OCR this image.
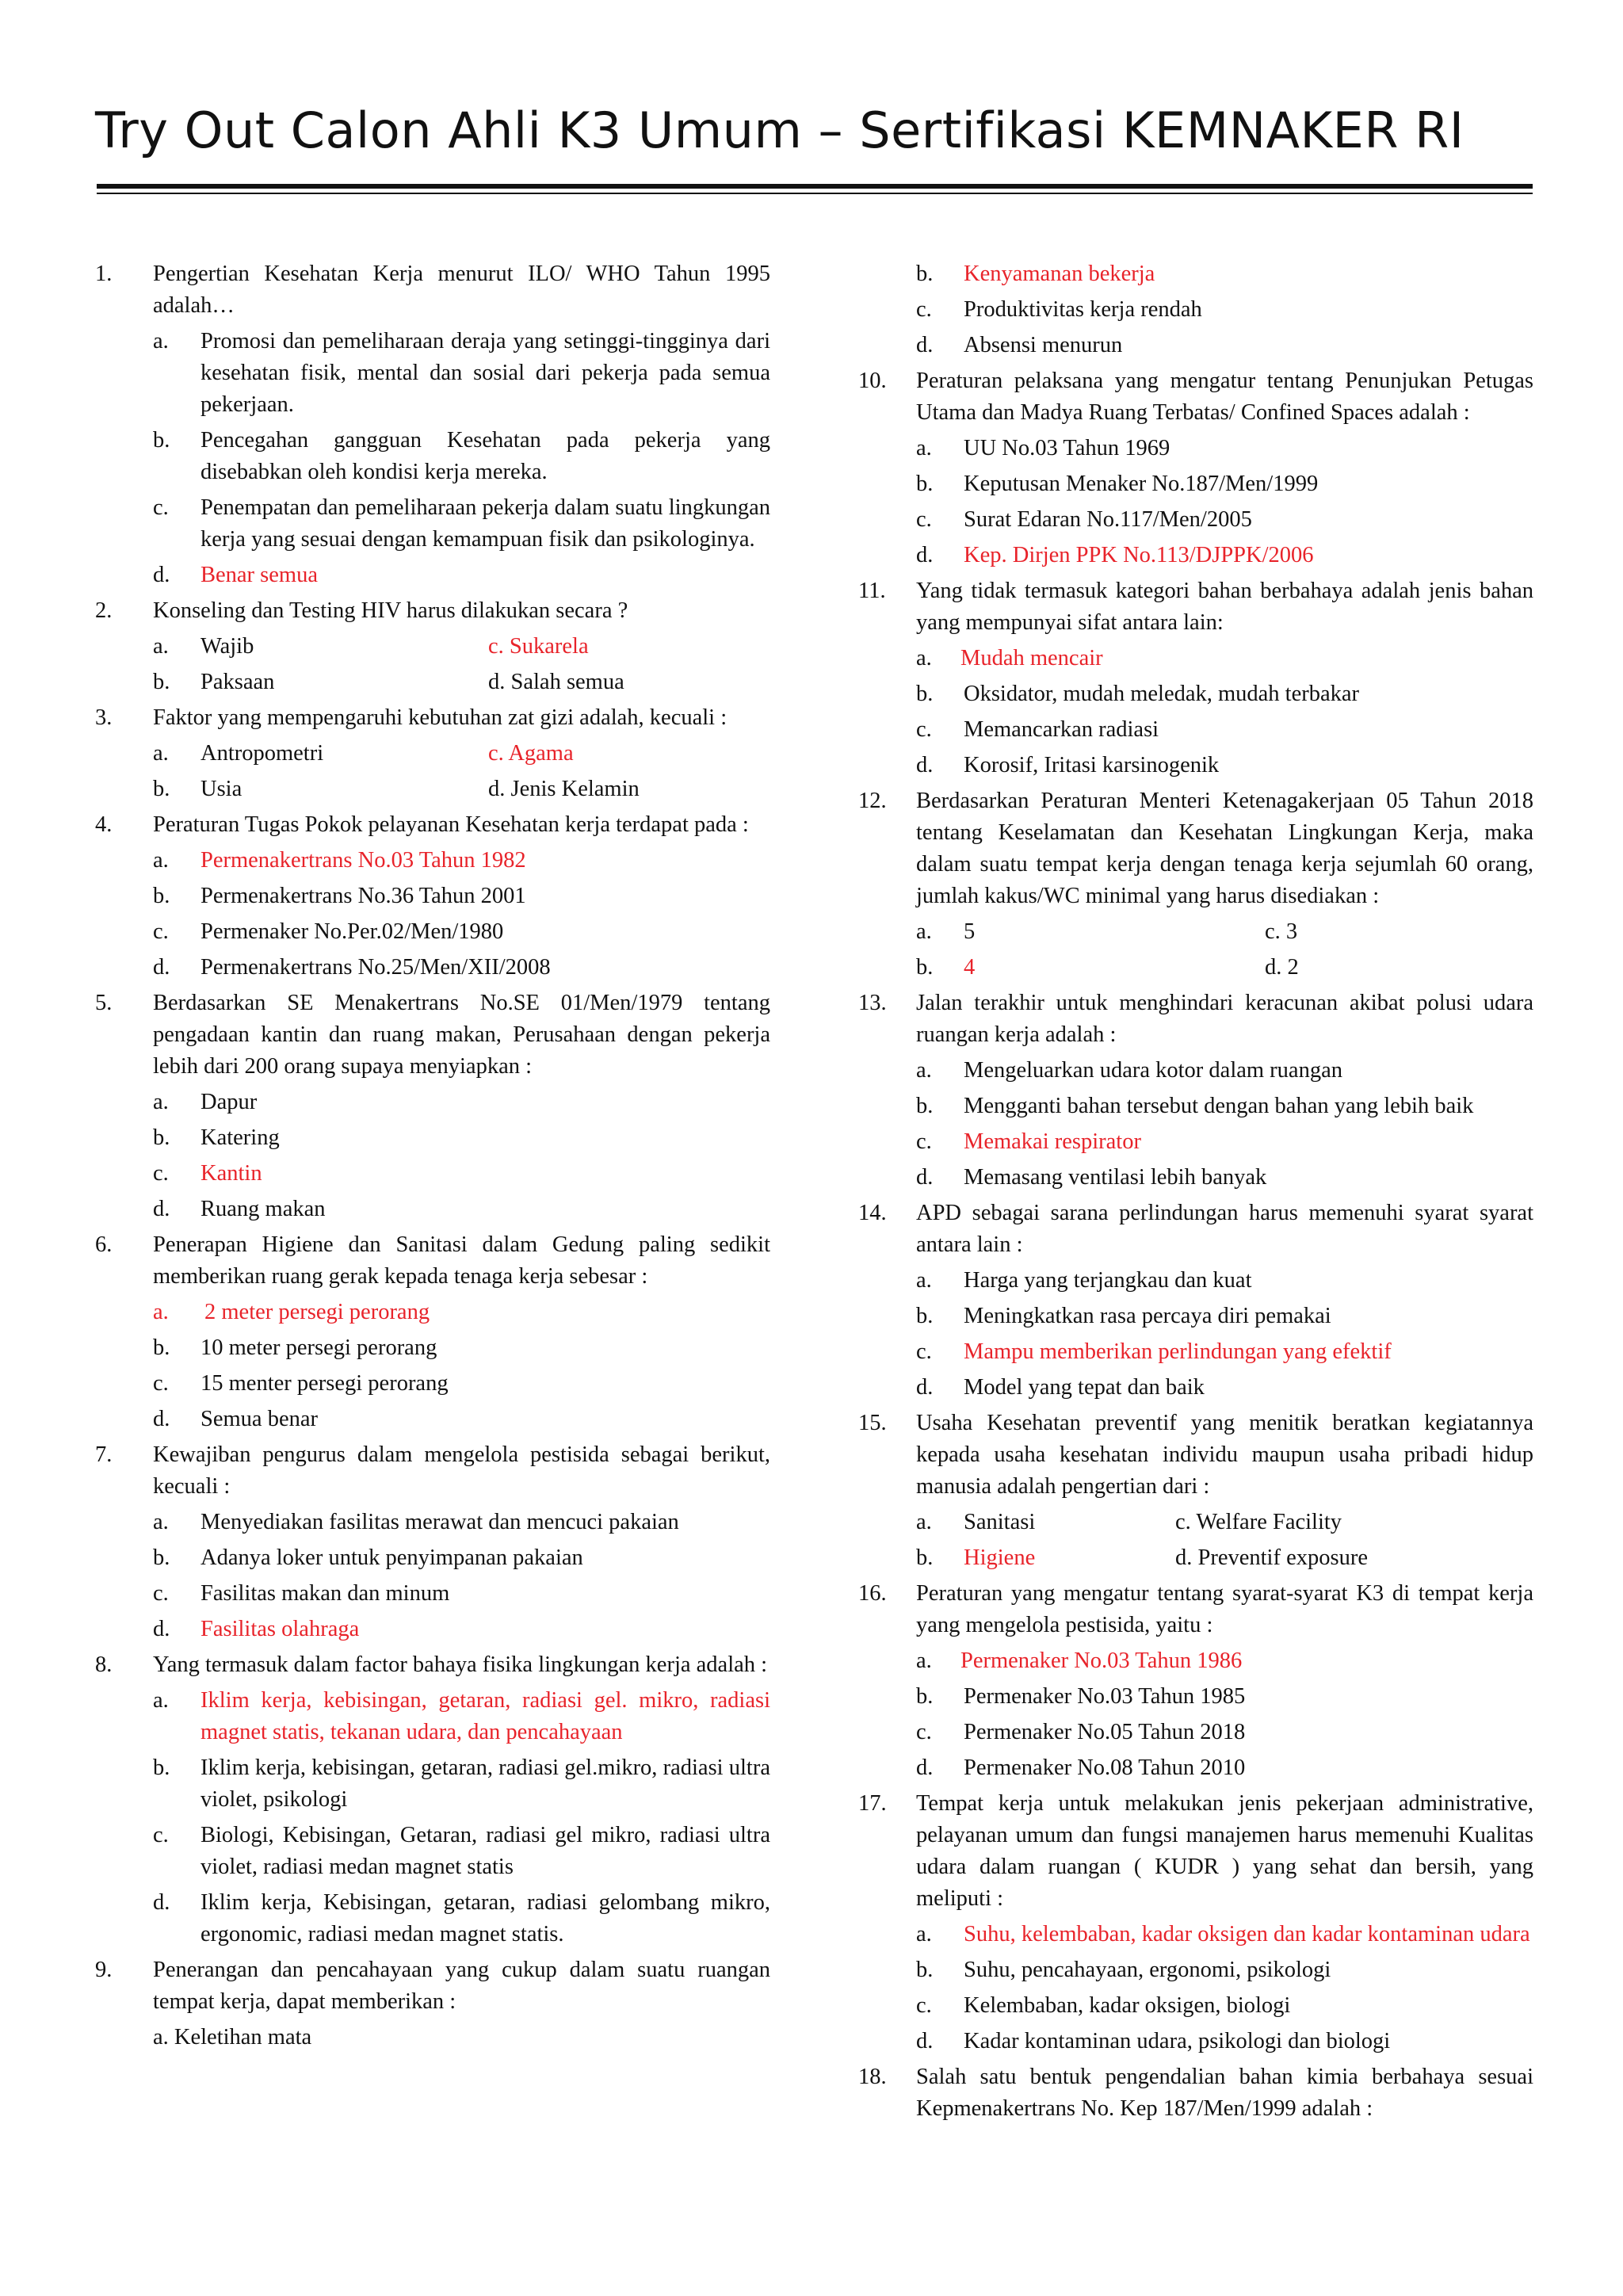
Try Out Calon Ahli K3 Umum – Sertifikasi KEMNAKER RI
1. Pengertian Kesehatan Kerja menurut ILO/ WHO Tahun 1995 adalah…
a. Promosi dan pemeliharaan deraja yang setinggi-tingginya dari kesehatan fisik, mental dan sosial dari pekerja pada semua pekerjaan.
b. Pencegahan gangguan Kesehatan pada pekerja yang disebabkan oleh kondisi kerja mereka.
c. Penempatan dan pemeliharaan pekerja dalam suatu lingkungan kerja yang sesuai dengan kemampuan fisik dan psikologinya.
d. Benar semua
2. Konseling dan Testing HIV harus dilakukan secara ?
a. Wajib	c. Sukarela
b. Paksaan	d. Salah semua
3. Faktor yang mempengaruhi kebutuhan zat gizi adalah, kecuali :
a. Antropometri	c. Agama
b. Usia	d. Jenis Kelamin
4. Peraturan Tugas Pokok pelayanan Kesehatan kerja terdapat pada :
a. Permenakertrans No.03 Tahun 1982
b. Permenakertrans No.36 Tahun 2001
c. Permenaker No.Per.02/Men/1980
d. Permenakertrans No.25/Men/XII/2008
5. Berdasarkan SE Menakertrans No.SE 01/Men/1979 tentang pengadaan kantin dan ruang makan, Perusahaan dengan pekerja lebih dari 200 orang supaya menyiapkan :
a. Dapur
b. Katering
c. Kantin
d. Ruang makan
6. Penerapan Higiene dan Sanitasi dalam Gedung paling sedikit memberikan ruang gerak kepada tenaga kerja sebesar :
a. 2 meter persegi perorang
b. 10 meter persegi perorang
c. 15 menter persegi perorang
d. Semua benar
7. Kewajiban pengurus dalam mengelola pestisida sebagai berikut, kecuali :
a. Menyediakan fasilitas merawat dan mencuci pakaian
b. Adanya loker untuk penyimpanan pakaian
c. Fasilitas makan dan minum
d. Fasilitas olahraga
8. Yang termasuk dalam factor bahaya fisika lingkungan kerja adalah :
a. Iklim kerja, kebisingan, getaran, radiasi gel. mikro, radiasi magnet statis, tekanan udara, dan pencahayaan
b. Iklim kerja, kebisingan, getaran, radiasi gel.mikro, radiasi ultra violet, psikologi
c. Biologi, Kebisingan, Getaran, radiasi gel mikro, radiasi ultra violet, radiasi medan magnet statis
d. Iklim kerja, Kebisingan, getaran, radiasi gelombang mikro, ergonomic, radiasi medan magnet statis.
9. Penerangan dan pencahayaan yang cukup dalam suatu ruangan tempat kerja, dapat memberikan :
a. Keletihan mata
b. Kenyamanan bekerja
c. Produktivitas kerja rendah
d. Absensi menurun
10. Peraturan pelaksana yang mengatur tentang Penunjukan Petugas Utama dan Madya Ruang Terbatas/ Confined Spaces adalah :
a. UU No.03 Tahun 1969
b. Keputusan Menaker No.187/Men/1999
c. Surat Edaran No.117/Men/2005
d. Kep. Dirjen PPK No.113/DJPPK/2006
11. Yang tidak termasuk kategori bahan berbahaya adalah jenis bahan yang mempunyai sifat antara lain:
a. Mudah mencair
b. Oksidator, mudah meledak, mudah terbakar
c. Memancarkan radiasi
d. Korosif, Iritasi karsinogenik
12. Berdasarkan Peraturan Menteri Ketenagakerjaan 05 Tahun 2018 tentang Keselamatan dan Kesehatan Lingkungan Kerja, maka dalam suatu tempat kerja dengan tenaga kerja sejumlah 60 orang, jumlah kakus/WC minimal yang harus disediakan :
a. 5	c. 3
b. 4	d. 2
13. Jalan terakhir untuk menghindari keracunan akibat polusi udara ruangan kerja adalah :
a. Mengeluarkan udara kotor dalam ruangan
b. Mengganti bahan tersebut dengan bahan yang lebih baik
c. Memakai respirator
d. Memasang ventilasi lebih banyak
14. APD sebagai sarana perlindungan harus memenuhi syarat syarat antara lain :
a. Harga yang terjangkau dan kuat
b. Meningkatkan rasa percaya diri pemakai
c. Mampu memberikan perlindungan yang efektif
d. Model yang tepat dan baik
15. Usaha Kesehatan preventif yang menitik beratkan kegiatannya kepada usaha kesehatan individu maupun usaha pribadi hidup manusia adalah pengertian dari :
a. Sanitasi	c. Welfare Facility
b. Higiene	d. Preventif exposure
16. Peraturan yang mengatur tentang syarat-syarat K3 di tempat kerja yang mengelola pestisida, yaitu :
a. Permenaker No.03 Tahun 1986
b. Permenaker No.03 Tahun 1985
c. Permenaker No.05 Tahun 2018
d. Permenaker No.08 Tahun 2010
17. Tempat kerja untuk melakukan jenis pekerjaan administrative, pelayanan umum dan fungsi manajemen harus memenuhi Kualitas udara dalam ruangan ( KUDR ) yang sehat dan bersih, yang meliputi :
a. Suhu, kelembaban, kadar oksigen dan kadar kontaminan udara
b. Suhu, pencahayaan, ergonomi, psikologi
c. Kelembaban, kadar oksigen, biologi
d. Kadar kontaminan udara, psikologi dan biologi
18. Salah satu bentuk pengendalian bahan kimia berbahaya sesuai Kepmenakertrans No. Kep 187/Men/1999 adalah :
